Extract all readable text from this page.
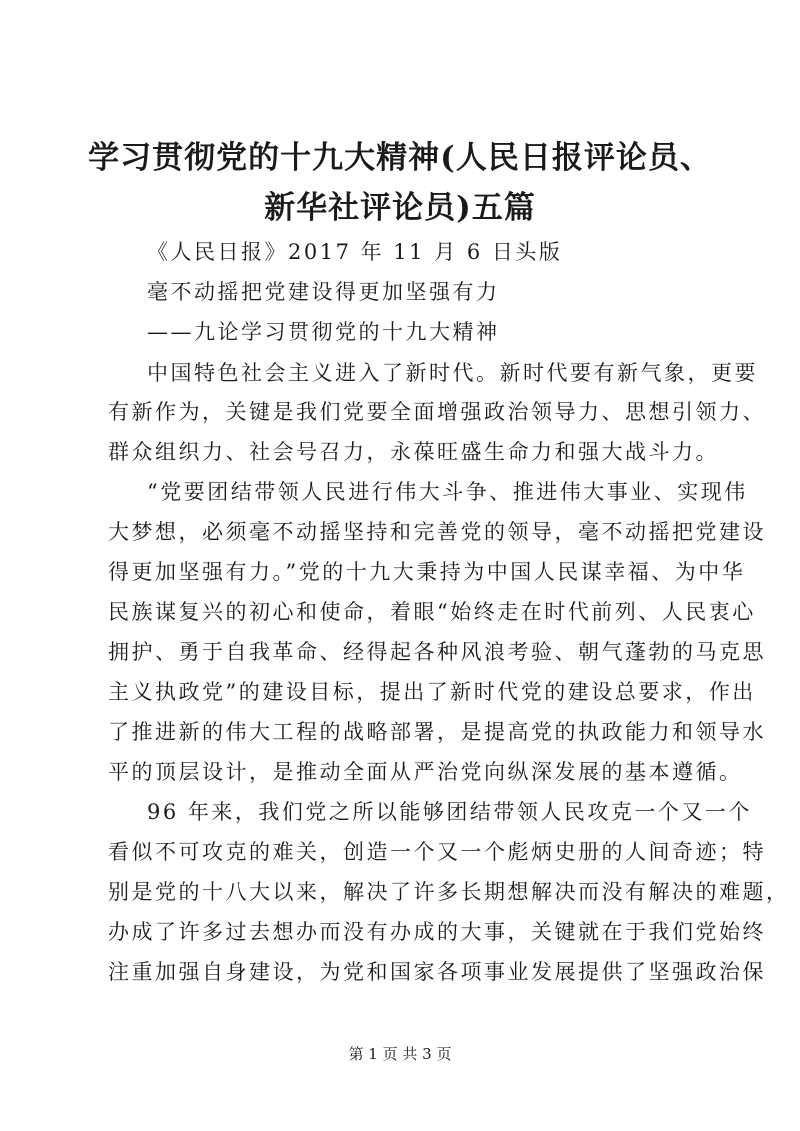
学习贯彻党的十九大精神(人民日报评论员、
新华社评论员)五篇
《人民日报》2017 年 11 月 6 日头版
毫不动摇把党建设得更加坚强有力
——九论学习贯彻党的十九大精神
中国特色社会主义进入了新时代。新时代要有新气象，更要
有新作为，关键是我们党要全面增强政治领导力、思想引领力、
群众组织力、社会号召力，永葆旺盛生命力和强大战斗力。
“党要团结带领人民进行伟大斗争、推进伟大事业、实现伟
大梦想，必须毫不动摇坚持和完善党的领导，毫不动摇把党建设
得更加坚强有力。”党的十九大秉持为中国人民谋幸福、为中华
民族谋复兴的初心和使命，着眼“始终走在时代前列、人民衷心
拥护、勇于自我革命、经得起各种风浪考验、朝气蓬勃的马克思
主义执政党”的建设目标，提出了新时代党的建设总要求，作出
了推进新的伟大工程的战略部署，是提高党的执政能力和领导水
平的顶层设计，是推动全面从严治党向纵深发展的基本遵循。
96 年来，我们党之所以能够团结带领人民攻克一个又一个
看似不可攻克的难关，创造一个又一个彪炳史册的人间奇迹；特
别是党的十八大以来，解决了许多长期想解决而没有解决的难题，
办成了许多过去想办而没有办成的大事，关键就在于我们党始终
注重加强自身建设，为党和国家各项事业发展提供了坚强政治保
第 1 页 共 3 页
